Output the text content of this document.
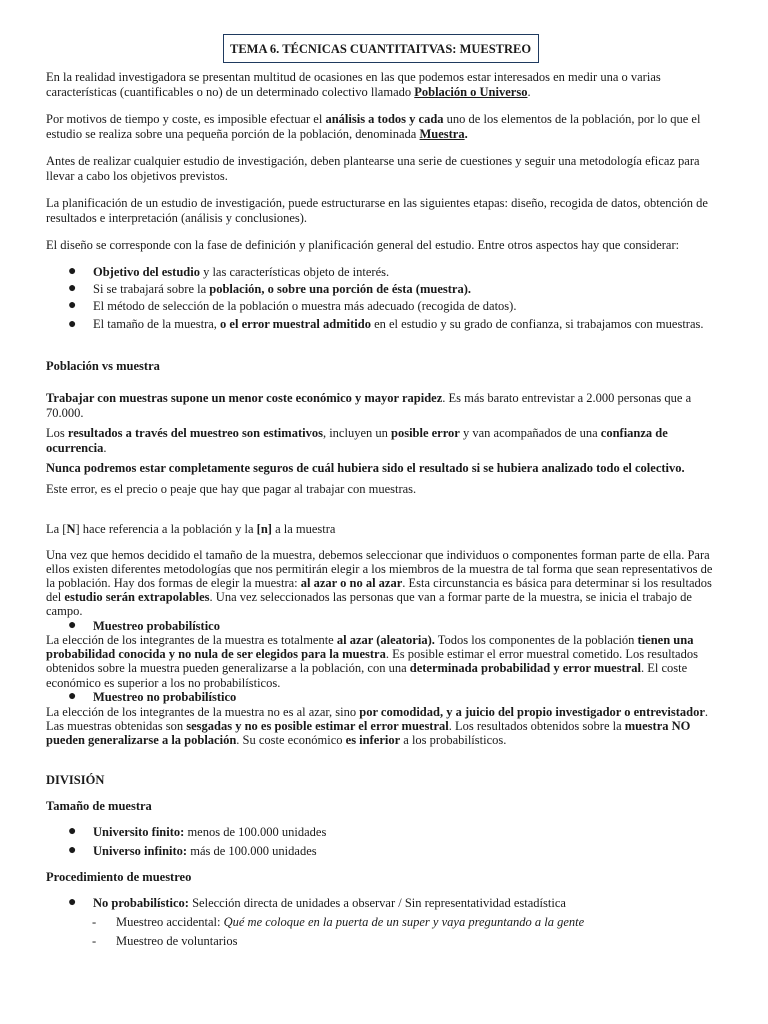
TEMA 6. TÉCNICAS CUANTITAITVAS: MUESTREO

En la realidad investigadora se presentan multitud de ocasiones en las que podemos estar interesados en medir una o varias características (cuantificables o no) de un determinado colectivo llamado Población o Universo.

Por motivos de tiempo y coste, es imposible efectuar el análisis a todos y cada uno de los elementos de la población, por lo que el estudio se realiza sobre una pequeña porción de la población, denominada Muestra.

Antes de realizar cualquier estudio de investigación, deben plantearse una serie de cuestiones y seguir una metodología eficaz para llevar a cabo los objetivos previstos.

La planificación de un estudio de investigación, puede estructurarse en las siguientes etapas: diseño, recogida de datos, obtención de resultados e interpretación (análisis y conclusiones).

El diseño se corresponde con la fase de definición y planificación general del estudio. Entre otros aspectos hay que considerar:

● Objetivo del estudio y las características objeto de interés.
● Si se trabajará sobre la población, o sobre una porción de ésta (muestra).
● El método de selección de la población o muestra más adecuado (recogida de datos).
● El tamaño de la muestra, o el error muestral admitido en el estudio y su grado de confianza, si trabajamos con muestras.

Población vs muestra

Trabajar con muestras supone un menor coste económico y mayor rapidez. Es más barato entrevistar a 2.000 personas que a 70.000.

Los resultados a través del muestreo son estimativos, incluyen un posible error y van acompañados de una confianza de ocurrencia.

Nunca podremos estar completamente seguros de cuál hubiera sido el resultado si se hubiera analizado todo el colectivo.

Este error, es el precio o peaje que hay que pagar al trabajar con muestras.

La [N] hace referencia a la población y la [n] a la muestra

Una vez que hemos decidido el tamaño de la muestra, debemos seleccionar que individuos o componentes forman parte de ella. Para ellos existen diferentes metodologías que nos permitirán elegir a los miembros de la muestra de tal forma que sean representativos de la población. Hay dos formas de elegir la muestra: al azar o no al azar. Esta circunstancia es básica para determinar si los resultados del estudio serán extrapolables. Una vez seleccionados las personas que van a formar parte de la muestra, se inicia el trabajo de campo.

● Muestreo probabilístico

La elección de los integrantes de la muestra es totalmente al azar (aleatoria). Todos los componentes de la población tienen una probabilidad conocida y no nula de ser elegidos para la muestra. Es posible estimar el error muestral cometido. Los resultados obtenidos sobre la muestra pueden generalizarse a la población, con una determinada probabilidad y error muestral. El coste económico es superior a los no probabilísticos.

● Muestreo no probabilístico

La elección de los integrantes de la muestra no es al azar, sino por comodidad, y a juicio del propio investigador o entrevistador. Las muestras obtenidas son sesgadas y no es posible estimar el error muestral. Los resultados obtenidos sobre la muestra NO pueden generalizarse a la población. Su coste económico es inferior a los probabilísticos.

DIVISIÓN

Tamaño de muestra

● Universito finito: menos de 100.000 unidades
● Universo infinito: más de 100.000 unidades

Procedimiento de muestreo

● No probabilístico: Selección directa de unidades a observar / Sin representatividad estadística
- Muestreo accidental: Qué me coloque en la puerta de un super y vaya preguntando a la gente
- Muestreo de voluntarios
